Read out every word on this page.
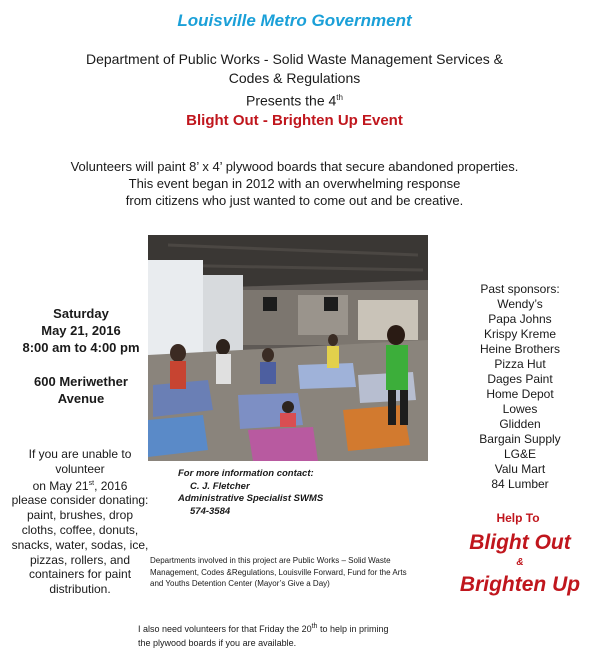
Louisville Metro Government
Department of Public Works - Solid Waste Management Services &
Codes & Regulations
Presents the 4th
Blight Out - Brighten Up Event
Volunteers will paint 8’ x 4’ plywood boards that secure abandoned properties.
This event began in 2012 with an overwhelming response
from citizens who just wanted to come out and be creative.
Saturday
May 21, 2016
8:00 am to 4:00 pm
600 Meriwether
Avenue
If you are unable to
volunteer
on May 21st, 2016
please consider donating:
paint, brushes, drop
cloths, coffee, donuts,
snacks, water, sodas, ice,
pizzas, rollers, and
containers for paint
distribution.
For more information contact:
C. J. Fletcher
Administrative Specialist SWMS
574-3584
Departments involved in this project are Public Works – Solid Waste
Management, Codes &Regulations, Louisville Forward, Fund for the Arts
and Youths Detention Center (Mayor’s Give a Day)
I also need volunteers for that Friday the 20th to help in priming
the plywood boards if you are available.
Past sponsors:
Wendy’s
Papa Johns
Krispy Kreme
Heine Brothers
Pizza Hut
Dages Paint
Home Depot
Lowes
Glidden
Bargain Supply
LG&E
Valu Mart
84 Lumber
Help To
Blight Out
&
Brighten Up
